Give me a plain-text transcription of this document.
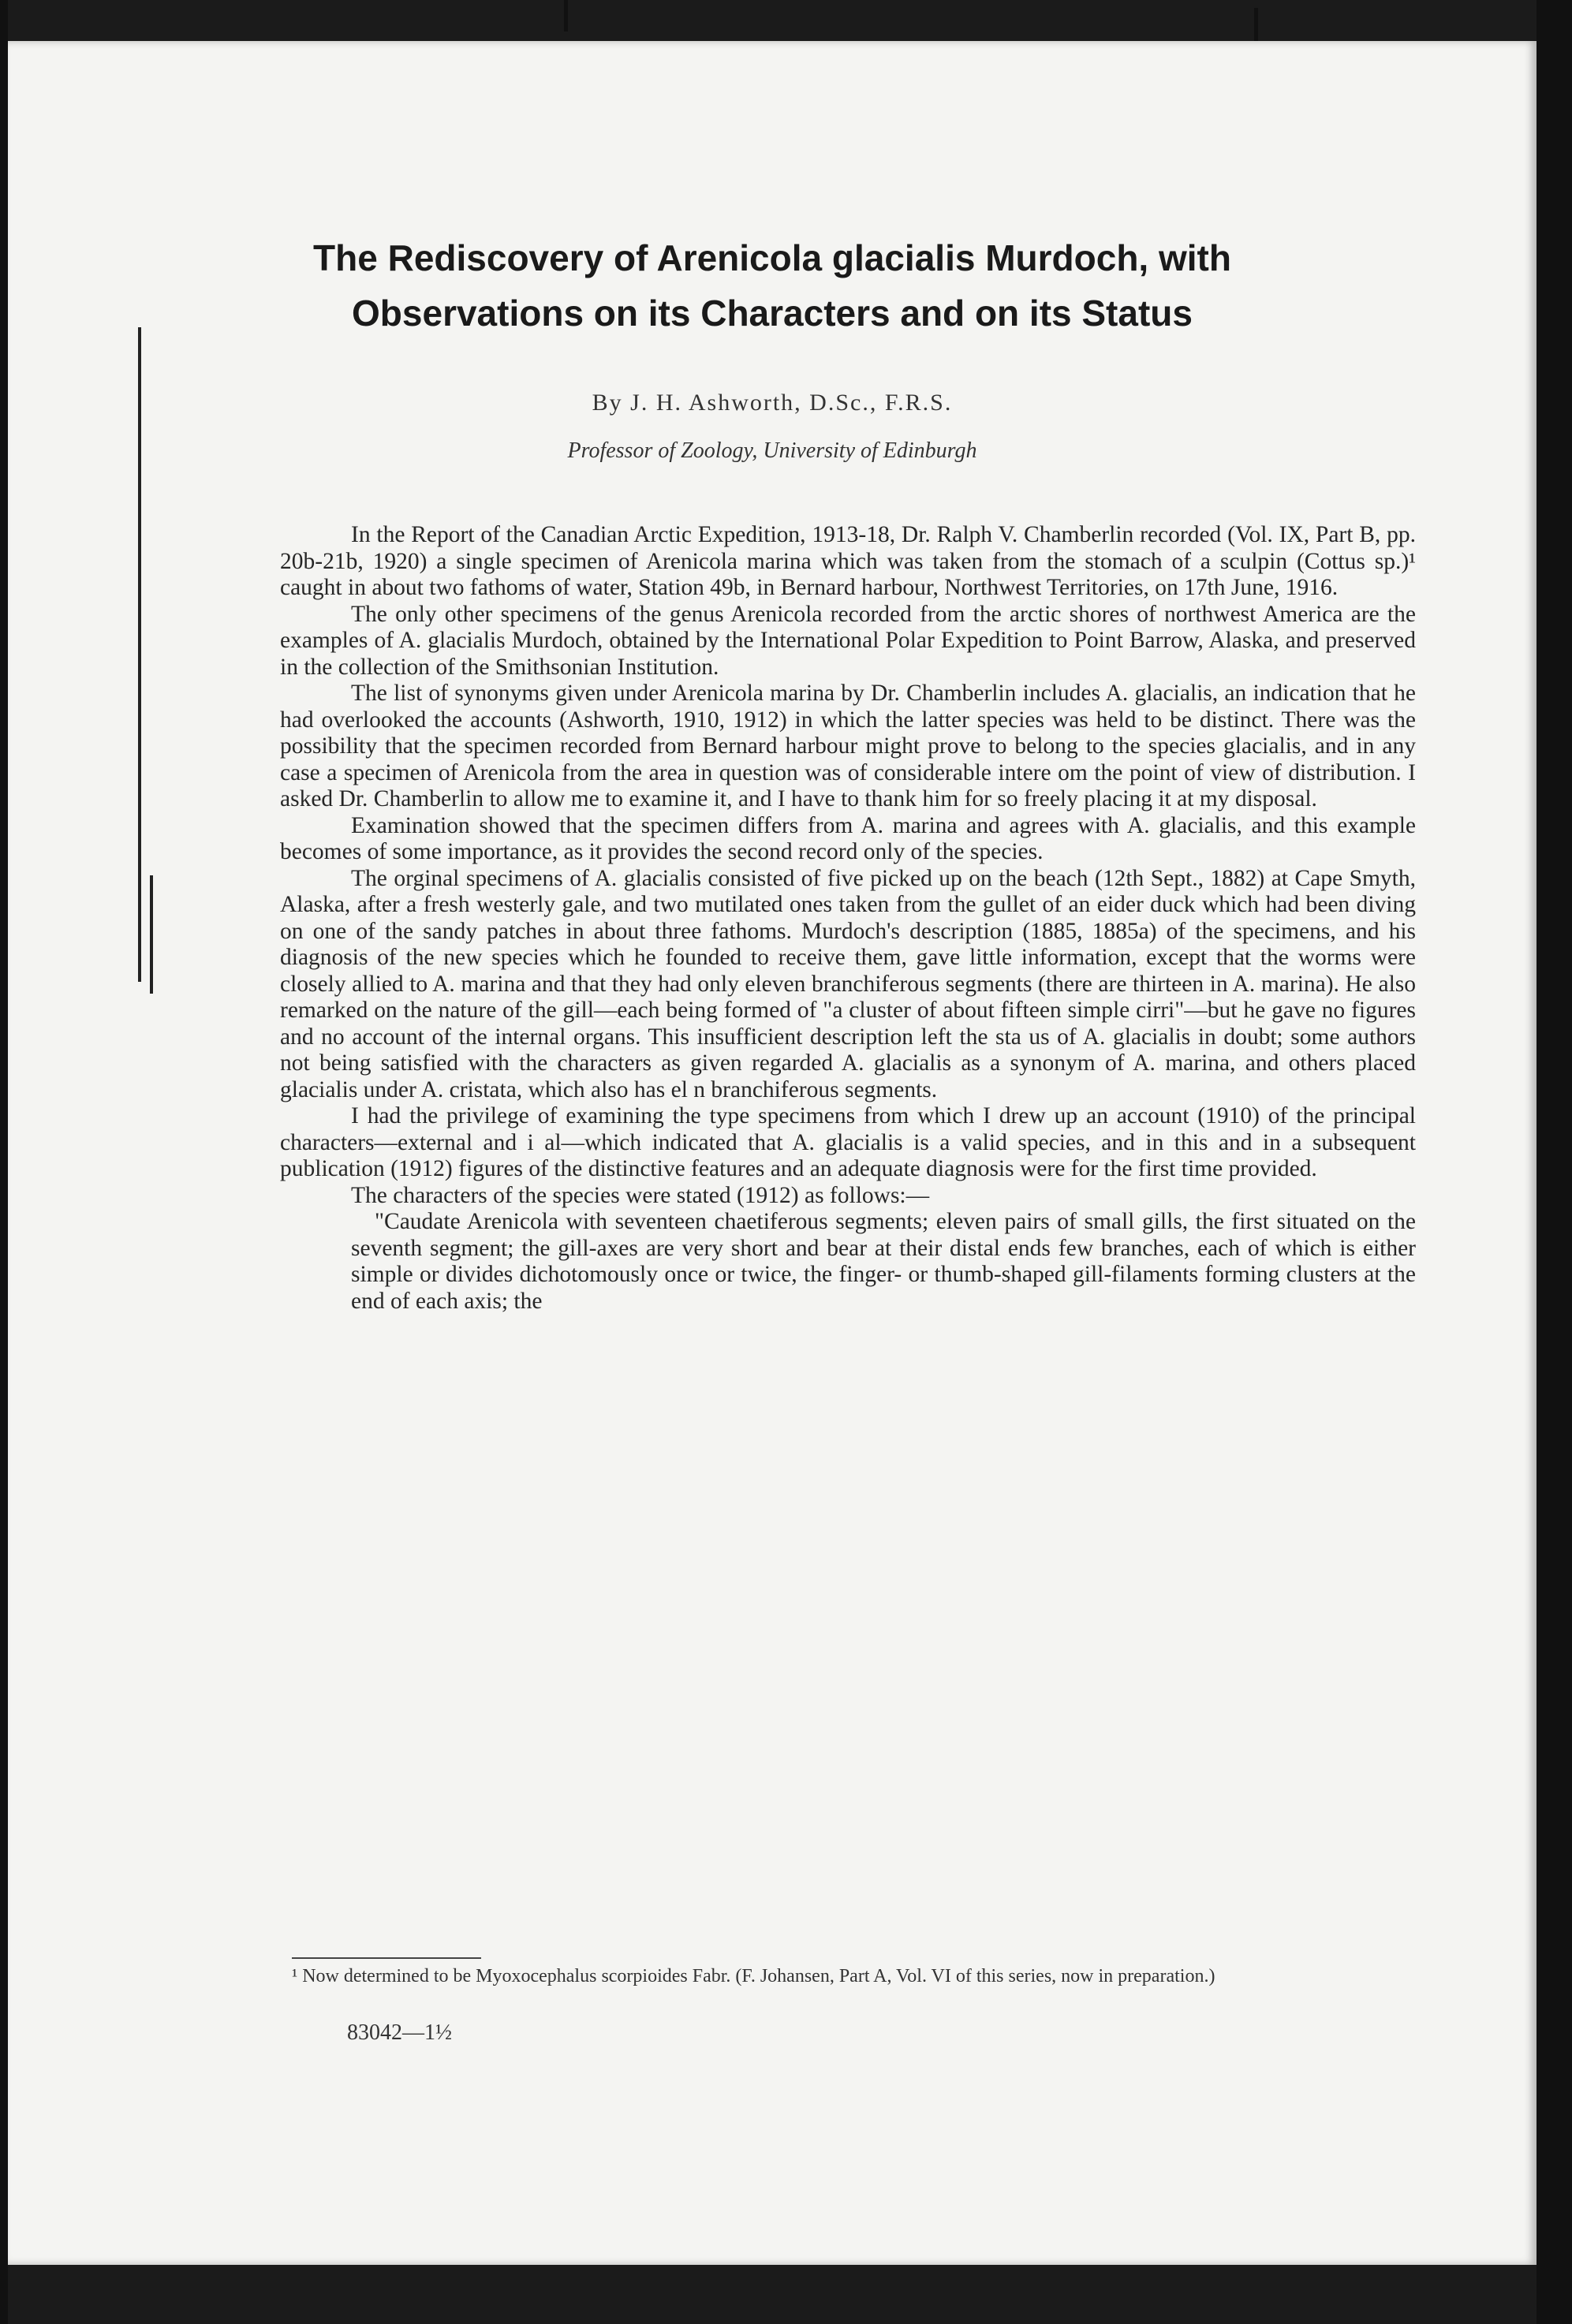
The Rediscovery of Arenicola glacialis Murdoch, with
Observations on its Characters and on its Status
By J. H. Ashworth, D.Sc., F.R.S.
Professor of Zoology, University of Edinburgh

In the Report of the Canadian Arctic Expedition, 1913-18, Dr. Ralph V. Chamberlin recorded (Vol. IX, Part B, pp. 20b-21b, 1920) a single specimen of Arenicola marina which was taken from the stomach of a sculpin (Cottus sp.)¹ caught in about two fathoms of water, Station 49b, in Bernard harbour, Northwest Territories, on 17th June, 1916.

The only other specimens of the genus Arenicola recorded from the arctic shores of northwest America are the examples of A. glacialis Murdoch, obtained by the International Polar Expedition to Point Barrow, Alaska, and preserved in the collection of the Smithsonian Institution.

The list of synonyms given under Arenicola marina by Dr. Chamberlin includes A. glacialis, an indication that he had overlooked the accounts (Ashworth, 1910, 1912) in which the latter species was held to be distinct. There was the possibility that the specimen recorded from Bernard harbour might prove to belong to the species glacialis, and in any case a specimen of Arenicola from the area in question was of considerable intere om the point of view of distribution. I asked Dr. Chamberlin to allow me to examine it, and I have to thank him for so freely placing it at my disposal.

Examination showed that the specimen differs from A. marina and agrees with A. glacialis, and this example becomes of some importance, as it provides the second record only of the species.

The orginal specimens of A. glacialis consisted of five picked up on the beach (12th Sept., 1882) at Cape Smyth, Alaska, after a fresh westerly gale, and two mutilated ones taken from the gullet of an eider duck which had been diving on one of the sandy patches in about three fathoms. Murdoch's description (1885, 1885a) of the specimens, and his diagnosis of the new species which he founded to receive them, gave little information, except that the worms were closely allied to A. marina and that they had only eleven branchiferous segments (there are thirteen in A. marina). He also remarked on the nature of the gill—each being formed of "a cluster of about fifteen simple cirri"—but he gave no figures and no account of the internal organs. This insufficient description left the sta us of A. glacialis in doubt; some authors not being satisfied with the characters as given regarded A. glacialis as a synonym of A. marina, and others placed glacialis under A. cristata, which also has el n branchiferous segments.

I had the privilege of examining the type specimens from which I drew up an account (1910) of the principal characters—external and i al—which indicated that A. glacialis is a valid species, and in this and in a subsequent publication (1912) figures of the distinctive features and an adequate diagnosis were for the first time provided.

The characters of the species were stated (1912) as follows:—

"Caudate Arenicola with seventeen chaetiferous segments; eleven pairs of small gills, the first situated on the seventh segment; the gill-axes are very short and bear at their distal ends few branches, each of which is either simple or divides dichotomously once or twice, the finger- or thumb-shaped gill-filaments forming clusters at the end of each axis; the

¹ Now determined to be Myoxocephalus scorpioides Fabr. (F. Johansen, Part A, Vol. VI of this series, now in preparation.)
83042—1½
